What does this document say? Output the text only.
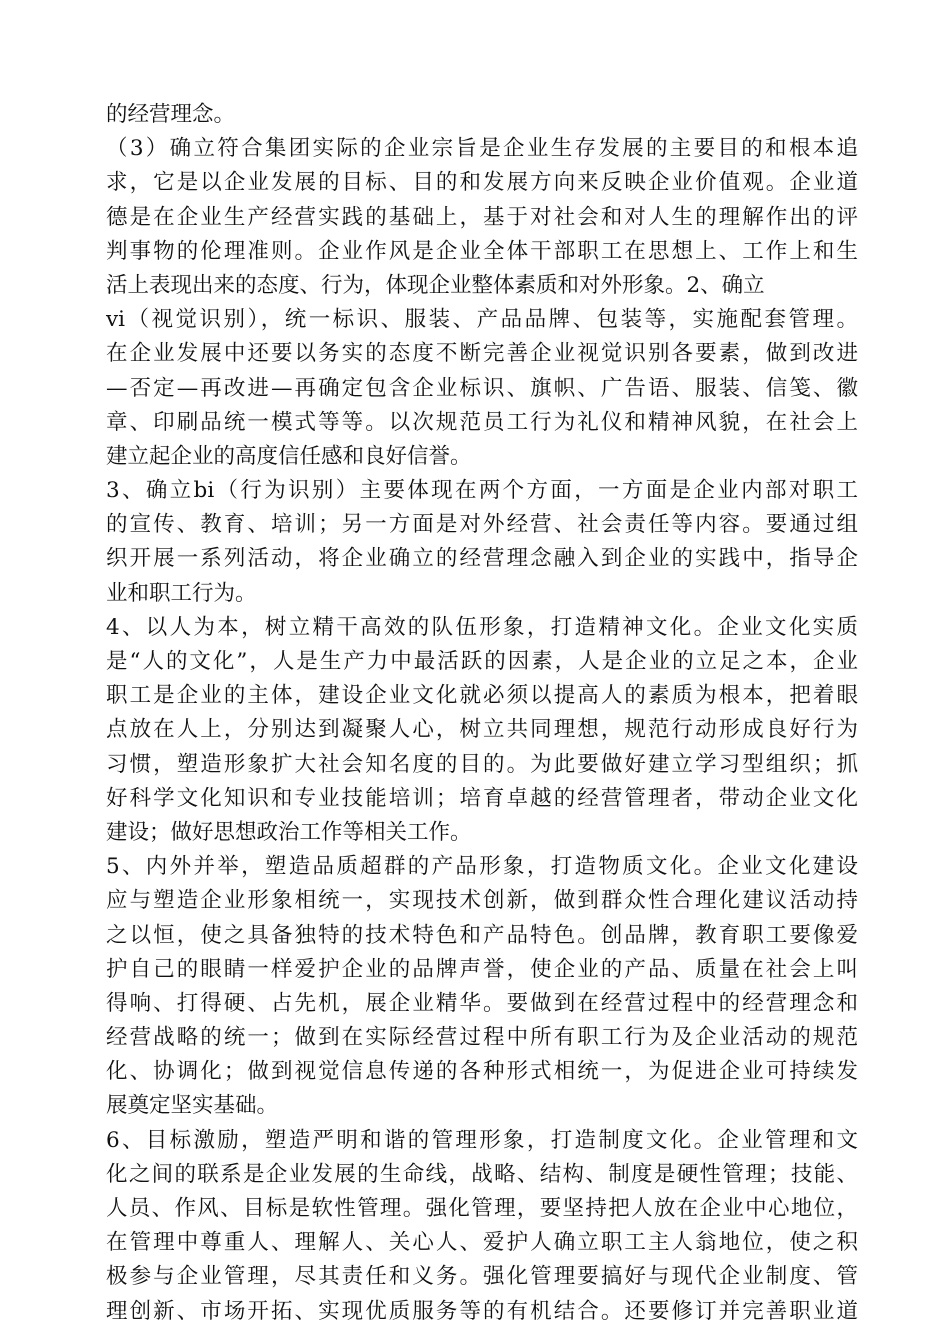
的经营理念。
（3）确立符合集团实际的企业宗旨是企业生存发展的主要目的和根本追
求，它是以企业发展的目标、目的和发展方向来反映企业价值观。企业道
德是在企业生产经营实践的基础上，基于对社会和对人生的理解作出的评
判事物的伦理准则。企业作风是企业全体干部职工在思想上、工作上和生
活上表现出来的态度、行为，体现企业整体素质和对外形象。2、确立
vi（视觉识别），统一标识、服装、产品品牌、包装等，实施配套管理。
在企业发展中还要以务实的态度不断完善企业视觉识别各要素，做到改进
—否定—再改进—再确定包含企业标识、旗帜、广告语、服装、信笺、徽
章、印刷品统一模式等等。以次规范员工行为礼仪和精神风貌，在社会上
建立起企业的高度信任感和良好信誉。
3、确立bi（行为识别）主要体现在两个方面，一方面是企业内部对职工
的宣传、教育、培训；另一方面是对外经营、社会责任等内容。要通过组
织开展一系列活动，将企业确立的经营理念融入到企业的实践中，指导企
业和职工行为。
4、以人为本，树立精干高效的队伍形象，打造精神文化。企业文化实质
是“人的文化”，人是生产力中最活跃的因素，人是企业的立足之本，企业
职工是企业的主体，建设企业文化就必须以提高人的素质为根本，把着眼
点放在人上，分别达到凝聚人心，树立共同理想，规范行动形成良好行为
习惯，塑造形象扩大社会知名度的目的。为此要做好建立学习型组织；抓
好科学文化知识和专业技能培训；培育卓越的经营管理者，带动企业文化
建设；做好思想政治工作等相关工作。
5、内外并举，塑造品质超群的产品形象，打造物质文化。企业文化建设
应与塑造企业形象相统一，实现技术创新，做到群众性合理化建议活动持
之以恒，使之具备独特的技术特色和产品特色。创品牌，教育职工要像爱
护自己的眼睛一样爱护企业的品牌声誉，使企业的产品、质量在社会上叫
得响、打得硬、占先机，展企业精华。要做到在经营过程中的经营理念和
经营战略的统一；做到在实际经营过程中所有职工行为及企业活动的规范
化、协调化；做到视觉信息传递的各种形式相统一，为促进企业可持续发
展奠定坚实基础。
6、目标激励，塑造严明和谐的管理形象，打造制度文化。企业管理和文
化之间的联系是企业发展的生命线，战略、结构、制度是硬性管理；技能、
人员、作风、目标是软性管理。强化管理，要坚持把人放在企业中心地位，
在管理中尊重人、理解人、关心人、爱护人确立职工主人翁地位，使之积
极参与企业管理，尽其责任和义务。强化管理要搞好与现代企业制度、管
理创新、市场开拓、实现优质服务等的有机结合。还要修订并完善职业道
